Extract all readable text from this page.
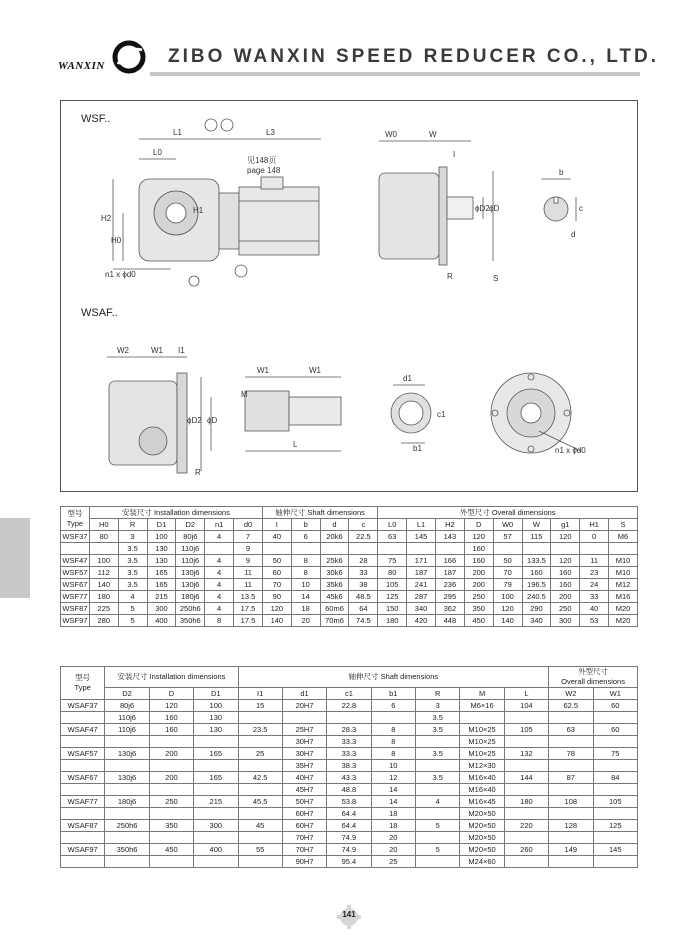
WANXIN	ZIBO WANXIN SPEED REDUCER CO., LTD.
WSF..
WSAF..
L1	L3
L0
H2
H0
H1
n1 x ϕd0
见148页
page 148
W0	W
I
ϕD2 ϕD
R	S
b
c
d
W2	W1 I1
ϕD2 ϕD
R
W1	W1
M
L
d1
c1
b1	n1 x ϕd0
WS

WS	型号
Type	安装尺寸 Installation dimensions						轴伸尺寸 Shaft dimensions				外型尺寸 Overall dimensions								
	H0	R	D1	D2	n1	d0	I	b	d	c	L0	L1	H2	D	W0	W	g1	H1	S
WSF37	80	3	100	80j6	4	7	40	6	20k6	22.5	63	145	143	120	57	115	120	0	M6
		3.5	130	110j6		9								160					
WSF47	100	3.5	130	110j6	4	9	50	8	25k6	28	75	171	166	160	50	133.5	120	11	M10
WSF57	112	3.5	165	130j6	4	11	60	8	30k6	33	80	187	187	200	70	160	160	23	M10
WSF67	140	3.5	165	130j6	4	11	70	10	35k6	38	105	241	236	200	79	196.5	160	24	M12
WSF77	180	4	215	180j6	4	13.5	90	14	45k6	48.5	125	287	295	250	100	240.5	200	33	M16
WSF87	225	5	300	250h6	4	17.5	120	18	60m6	64	150	340	362	350	120	290	250	40	M20
WSF97	280	5	400	350h6	8	17.5	140	20	70m6	74.5	180	420	448	450	140	340	300	53	M20
型号
Type	安装尺寸 Installation dimensions			轴伸尺寸 Shaft dimensions							外型尺寸
Overall dimensions	
	D2	D	D1	I1	d1	c1	b1	R	M	L	W2	W1
WSAF37	80j6	120	100	15	20H7	22.8	6	3	M6×16	104	62.5	60
	110j6	160	130					3.5				
WSAF47	110j6	160	130	23.5	25H7	28.3	8	3.5	M10×25	105	63	60
					30H7	33.3	8		M10×25			
WSAF57	130j6	200	165	25	30H7	33.3	8	3.5	M10×25	132	78	75
					35H7	38.3	10		M12×30			
WSAF67	130j6	200	165	42.5	40H7	43.3	12	3.5	M16×40	144	87	84
					45H7	48.8	14		M16×40			
WSAF77	180j6	250	215	45.5	50H7	53.8	14	4	M16×45	180	108	105
					60H7	64.4	18		M20×50			
WSAF87	250h6	350	300	45	60H7	64.4	18	5	M20×50	220	128	125
					70H7	74.9	20		M20×50			
WSAF97	350h6	450	400	55	70H7	74.9	20	5	M20×50	260	149	145
					90H7	95.4	25		M24×60			
141
